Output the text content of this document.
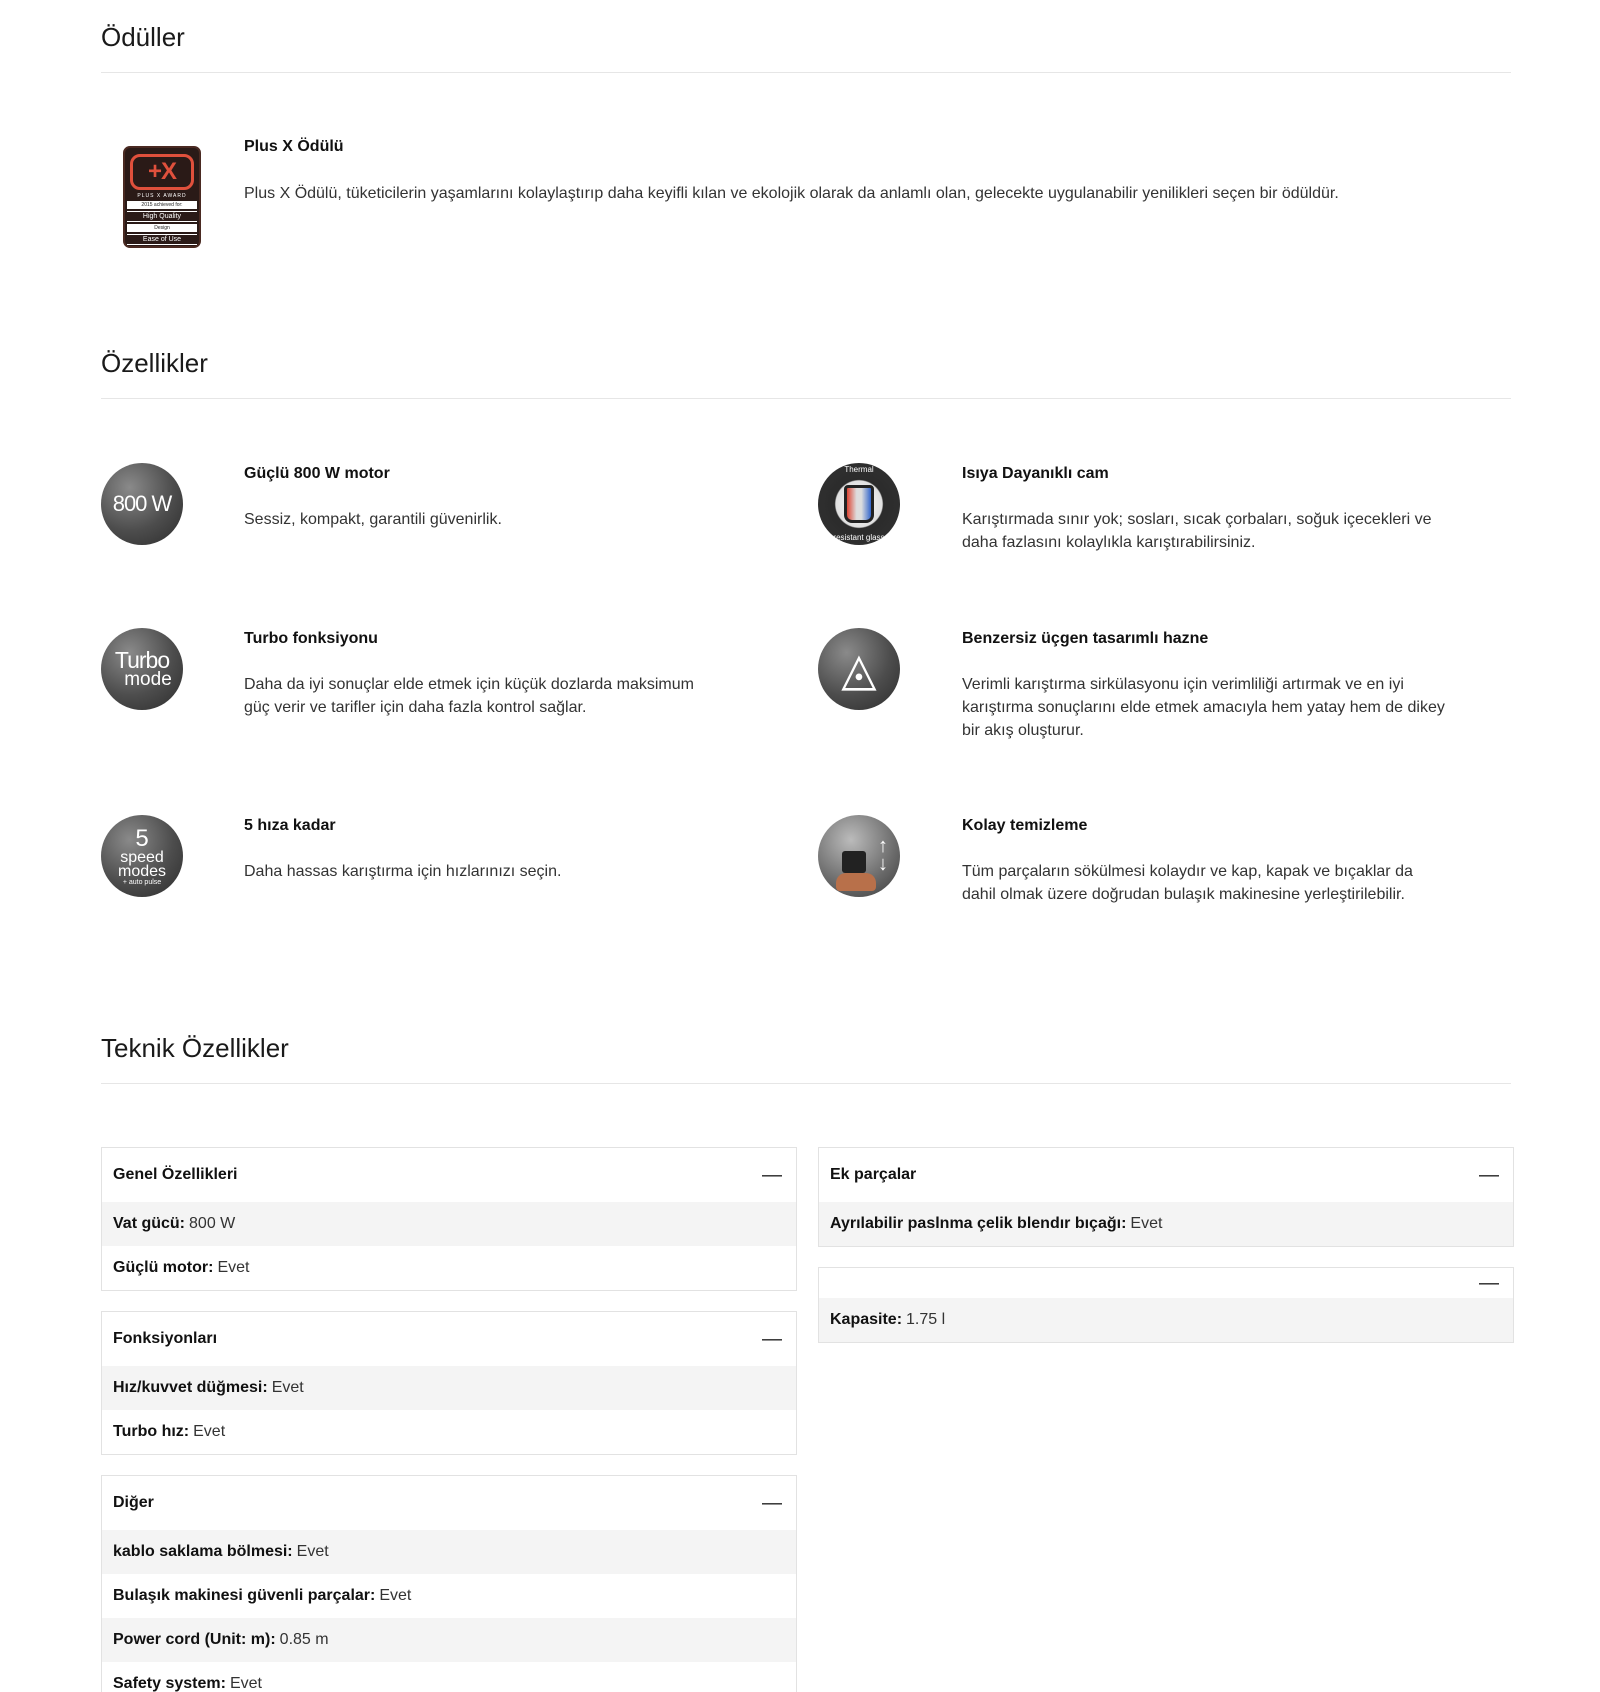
Ödüller
+X
PLUS X AWARD
2015 achieved for:
High Quality
Design
Ease of Use
Plus X Ödülü
Plus X Ödülü, tüketicilerin yaşamlarını kolaylaştırıp daha keyifli kılan ve ekolojik olarak da anlamlı olan, gelecekte uygulanabilir yenilikleri seçen bir ödüldür.
Özellikler
800 W
Güçlü 800 W motor
Sessiz, kompakt, garantili güvenirlik.
Thermal
resistant glass
Isıya Dayanıklı cam
Karıştırmada sınır yok; sosları, sıcak çorbaları, soğuk içecekleri ve daha fazlasını kolaylıkla karıştırabilirsiniz.
Turbo
mode
Turbo fonksiyonu
Daha da iyi sonuçlar elde etmek için küçük dozlarda maksimum güç verir ve tarifler için daha fazla kontrol sağlar.
◬
Benzersiz üçgen tasarımlı hazne
Verimli karıştırma sirkülasyonu için verimliliği artırmak ve en iyi karıştırma sonuçlarını elde etmek amacıyla hem yatay hem de dikey bir akış oluşturur.
5
speed
modes
+ auto pulse
5 hıza kadar
Daha hassas karıştırma için hızlarınızı seçin.
↑
↓
Kolay temizleme
Tüm parçaların sökülmesi kolaydır ve kap, kapak ve bıçaklar da dahil olmak üzere doğrudan bulaşık makinesine yerleştirilebilir.
Teknik Özellikler
Genel Özellikleri	—
Vat gücü: 800 W
Güçlü motor: Evet
Fonksiyonları	—
Hız/kuvvet düğmesi: Evet
Turbo hız: Evet
Diğer	—
kablo saklama bölmesi: Evet
Bulaşık makinesi güvenli parçalar: Evet
Power cord (Unit: m): 0.85 m
Safety system: Evet
Ek parçalar	—
Ayrılabilir paslnma çelik blendır bıçağı: Evet
—
Kapasite: 1.75 l
